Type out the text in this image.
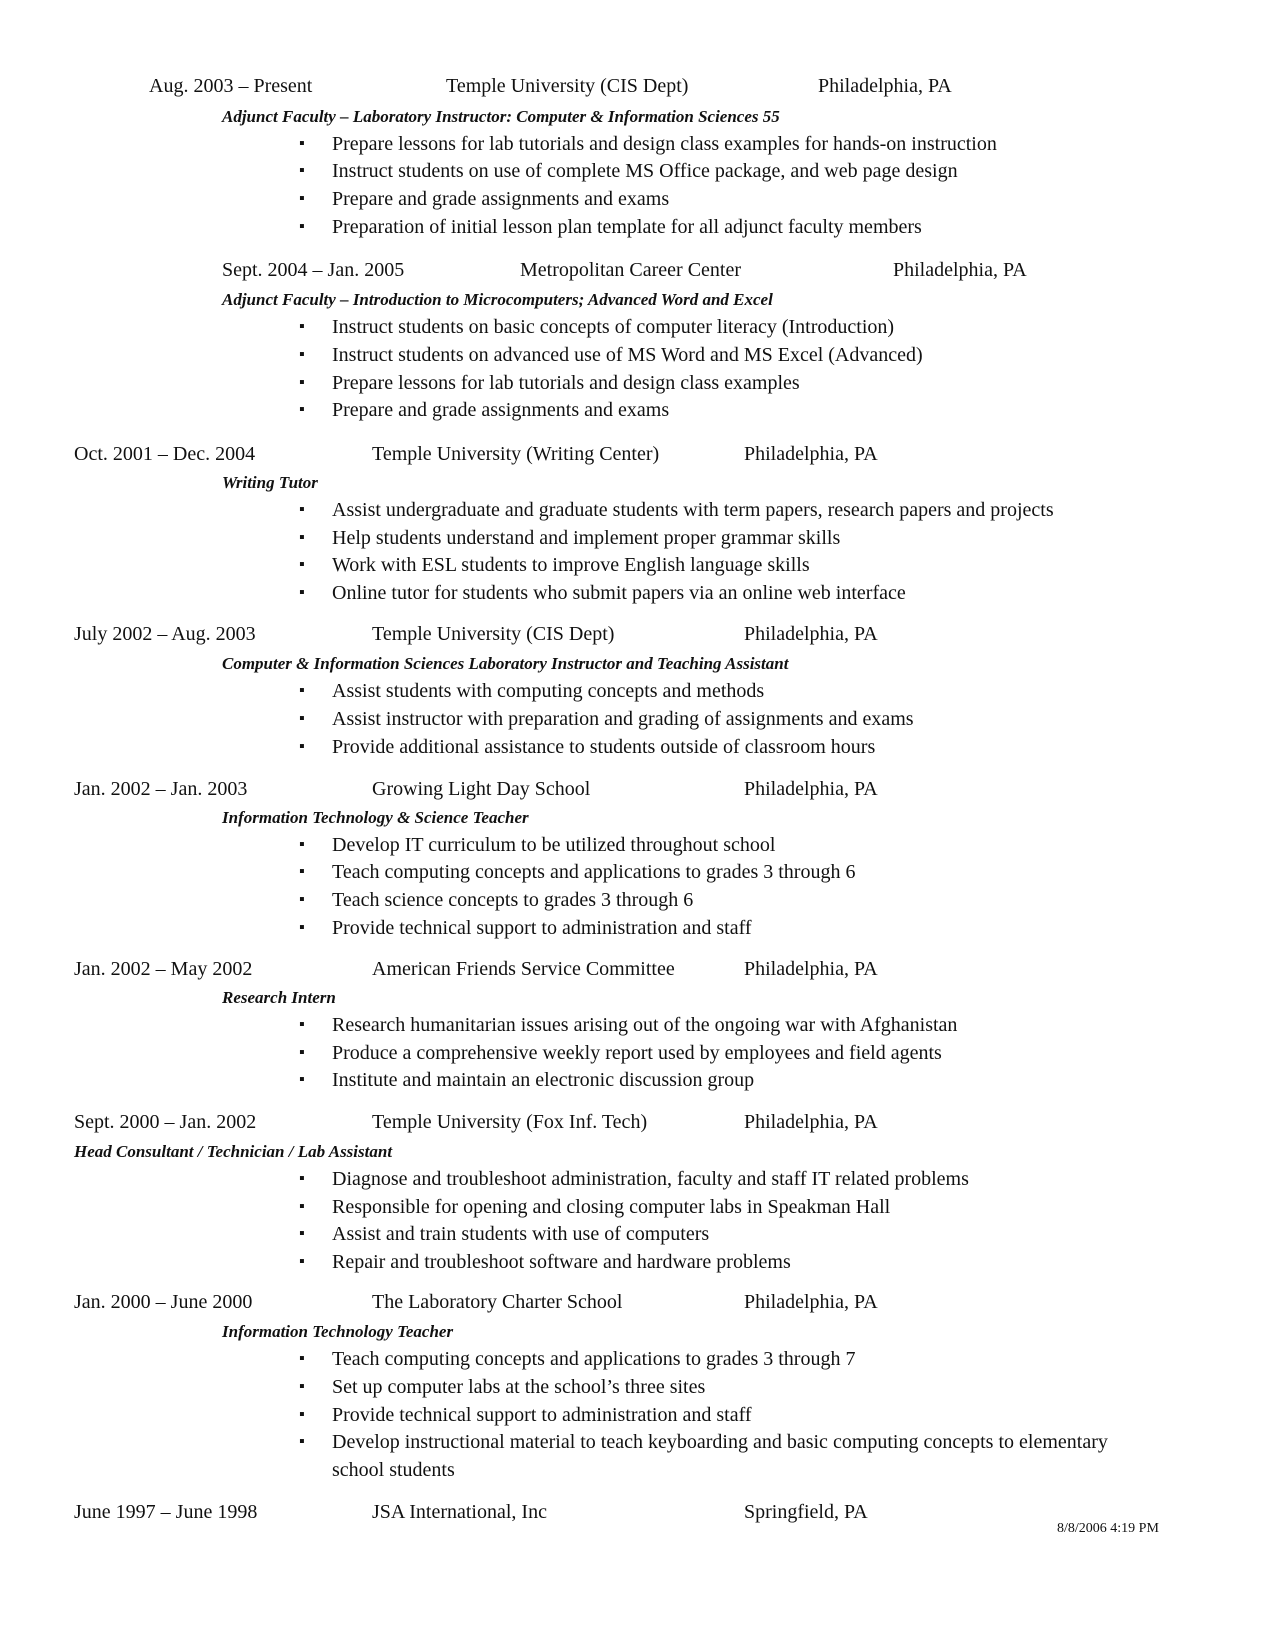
Aug. 2003 – Present	Temple University (CIS Dept)	Philadelphia, PA
Adjunct Faculty – Laboratory Instructor: Computer & Information Sciences 55
▪ Prepare lessons for lab tutorials and design class examples for hands-on instruction
▪ Instruct students on use of complete MS Office package, and web page design
▪ Prepare and grade assignments and exams
▪ Preparation of initial lesson plan template for all adjunct faculty members
Sept. 2004 – Jan. 2005	Metropolitan Career Center	Philadelphia, PA
Adjunct Faculty – Introduction to Microcomputers; Advanced Word and Excel
▪ Instruct students on basic concepts of computer literacy (Introduction)
▪ Instruct students on advanced use of MS Word and MS Excel (Advanced)
▪ Prepare lessons for lab tutorials and design class examples
▪ Prepare and grade assignments and exams
Oct. 2001 – Dec. 2004	Temple University (Writing Center)	Philadelphia, PA
Writing Tutor
▪ Assist undergraduate and graduate students with term papers, research papers and projects
▪ Help students understand and implement proper grammar skills
▪ Work with ESL students to improve English language skills
▪ Online tutor for students who submit papers via an online web interface
July 2002 – Aug. 2003	Temple University (CIS Dept)	Philadelphia, PA
Computer & Information Sciences Laboratory Instructor and Teaching Assistant
▪ Assist students with computing concepts and methods
▪ Assist instructor with preparation and grading of assignments and exams
▪ Provide additional assistance to students outside of classroom hours
Jan. 2002 – Jan. 2003	Growing Light Day School	Philadelphia, PA
Information Technology & Science Teacher
▪ Develop IT curriculum to be utilized throughout school
▪ Teach computing concepts and applications to grades 3 through 6
▪ Teach science concepts to grades 3 through 6
▪ Provide technical support to administration and staff
Jan. 2002 – May 2002	American Friends Service Committee	Philadelphia, PA
Research Intern
▪ Research humanitarian issues arising out of the ongoing war with Afghanistan
▪ Produce a comprehensive weekly report used by employees and field agents
▪ Institute and maintain an electronic discussion group
Sept. 2000 – Jan. 2002	Temple University (Fox Inf. Tech)	Philadelphia, PA
Head Consultant / Technician / Lab Assistant
▪ Diagnose and troubleshoot administration, faculty and staff IT related problems
▪ Responsible for opening and closing computer labs in Speakman Hall
▪ Assist and train students with use of computers
▪ Repair and troubleshoot software and hardware problems
Jan. 2000 – June 2000	The Laboratory Charter School	Philadelphia, PA
Information Technology Teacher
▪ Teach computing concepts and applications to grades 3 through 7
▪ Set up computer labs at the school’s three sites
▪ Provide technical support to administration and staff
▪ Develop instructional material to teach keyboarding and basic computing concepts to elementary
school students
June 1997 – June 1998	JSA International, Inc	Springfield, PA
8/8/2006 4:19 PM
